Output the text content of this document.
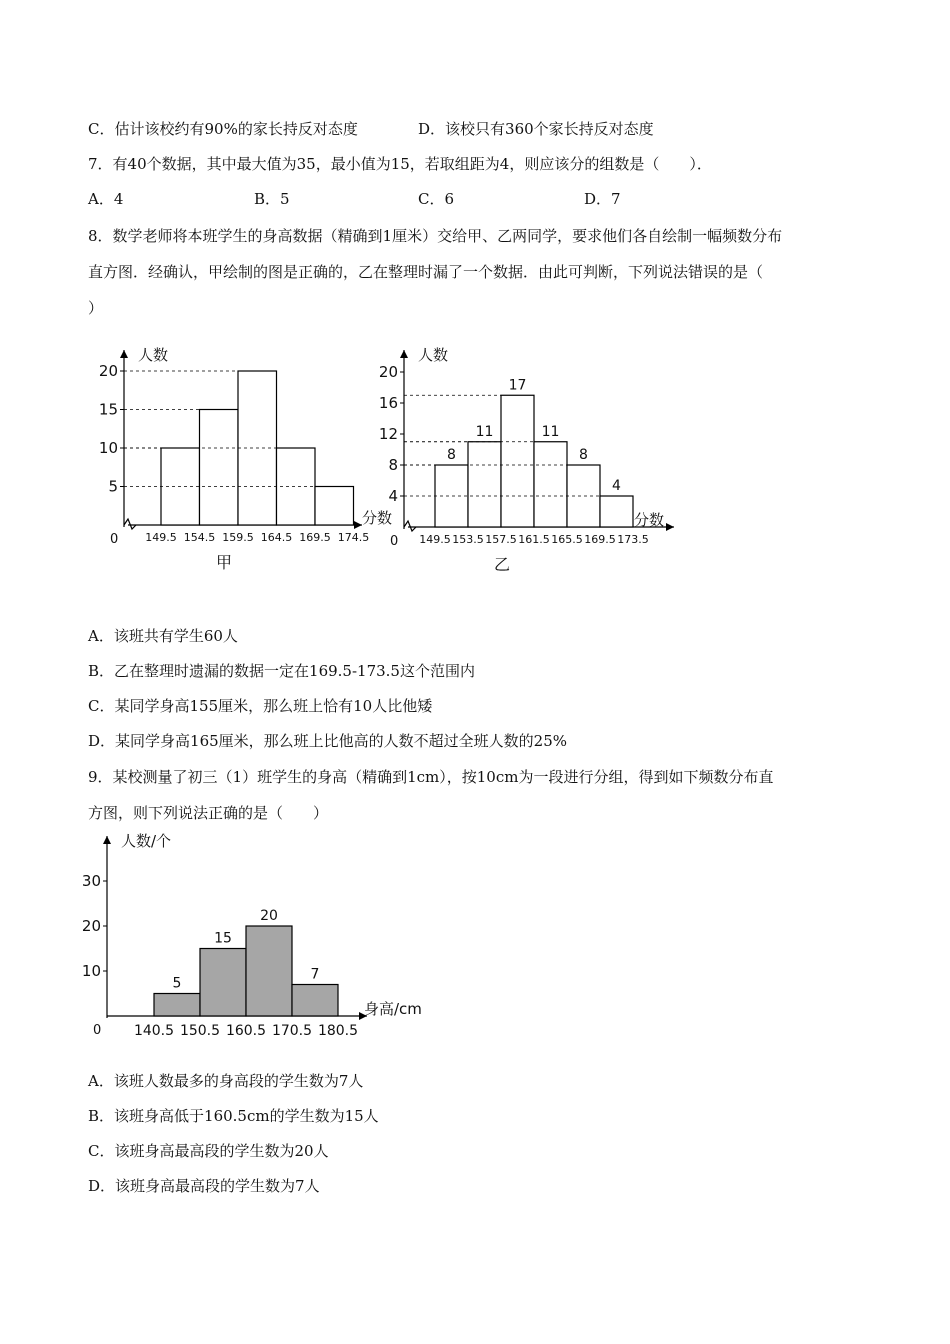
C．估计该校约有90%的家长持反对态度	D．该校只有360个家长持反对态度
7．有40个数据，其中最大值为35，最小值为15，若取组距为4，则应该分的组数是（　　）．
A．4	B．5	C．6	D．7
8．数学老师将本班学生的身高数据（精确到1厘米）交给甲、乙两同学，要求他们各自绘制一幅频数分布
直方图．经确认，甲绘制的图是正确的，乙在整理时漏了一个数据．由此可判断，下列说法错误的是（
）
人数
分数
0
5
10
15
20
149.5 154.5 159.5 164.5 169.5 174.5
甲
人数
分数
0
4
8
12
16
20
8
11
17
11
8
4
149.5 153.5 157.5 161.5 165.5 169.5 173.5
乙
A．该班共有学生60人
B．乙在整理时遗漏的数据一定在169.5-173.5这个范围内
C．某同学身高155厘米，那么班上恰有10人比他矮
D．某同学身高165厘米，那么班上比他高的人数不超过全班人数的25%
9．某校测量了初三（1）班学生的身高（精确到1cm），按10cm为一段进行分组，得到如下频数分布直
方图，则下列说法正确的是（　　）
人数/个
身高/cm
0
10
20
30
5
15
20
7
140.5 150.5 160.5 170.5 180.5
A．该班人数最多的身高段的学生数为7人
B．该班身高低于160.5cm的学生数为15人
C．该班身高最高段的学生数为20人
D．该班身高最高段的学生数为7人
